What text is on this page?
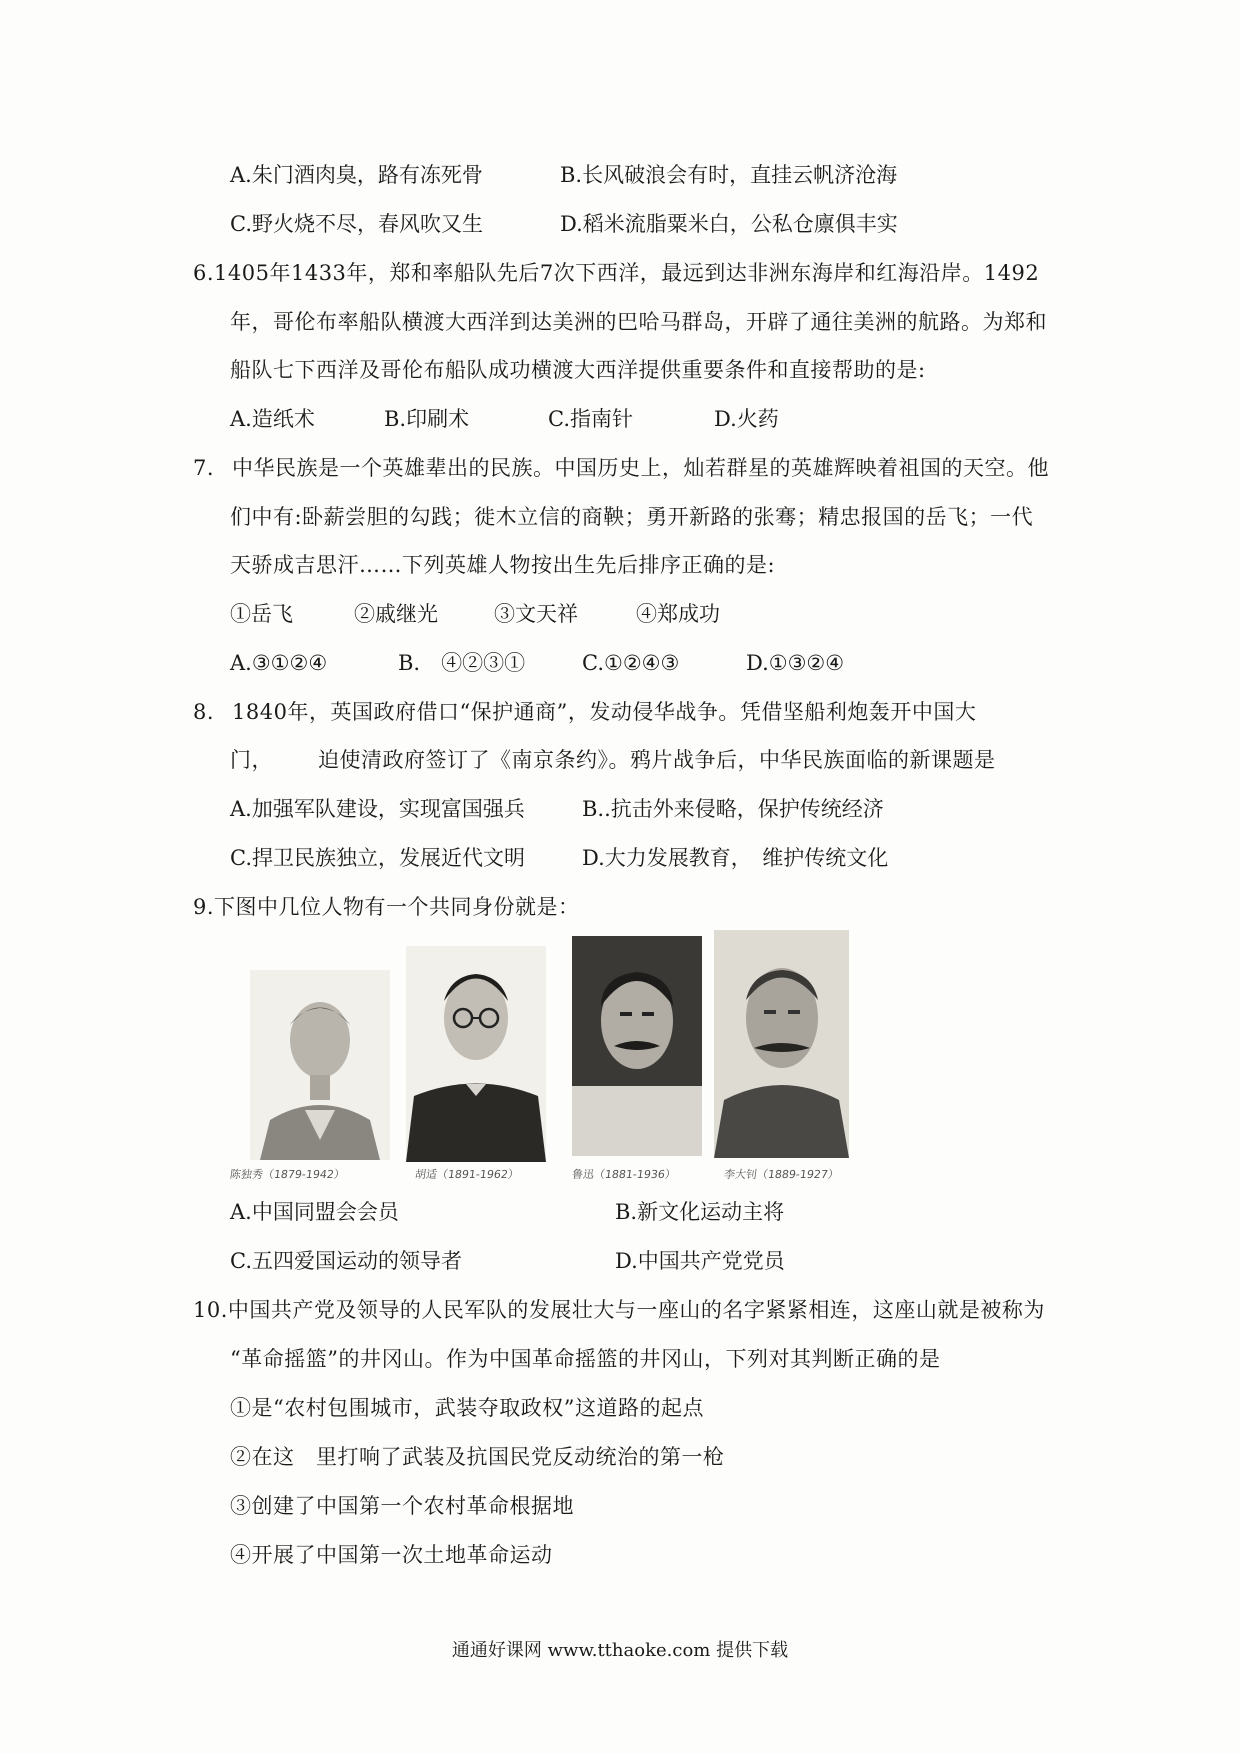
A.朱门酒肉臭，路有冻死骨	B.长风破浪会有时，直挂云帆济沧海
C.野火烧不尽，春风吹又生	D.稻米流脂粟米白，公私仓廪俱丰实
6.1405年1433年，郑和率船队先后7次下西洋，最远到达非洲东海岸和红海沿岸。1492
年，哥伦布率船队横渡大西洋到达美洲的巴哈马群岛，开辟了通往美洲的航路。为郑和
船队七下西洋及哥伦布船队成功横渡大西洋提供重要条件和直接帮助的是:
A.造纸术	B.印刷术	C.指南针	D.火药
7. 中华民族是一个英雄辈出的民族。中国历史上，灿若群星的英雄辉映着祖国的天空。他
们中有:卧薪尝胆的勾践；徙木立信的商鞅；勇开新路的张骞；精忠报国的岳飞；一代
天骄成吉思汗……下列英雄人物按出生先后排序正确的是:
①岳飞	②戚继光	③文天祥	④郑成功
A.③①②④	B.　④②③①	C.①②④③	D.①③②④
8. 1840年，英国政府借口“保护通商”，发动侵华战争。凭借坚船利炮轰开中国大
门， 迫使清政府签订了《南京条约》。鸦片战争后，中华民族面临的新课题是
A.加强军队建设，实现富国强兵	B..抗击外来侵略，保护传统经济
C.捍卫民族独立，发展近代文明	D.大力发展教育，　维护传统文化
9.下图中几位人物有一个共同身份就是：
陈独秀（1879-1942）	胡适（1891-1962）	鲁迅（1881-1936）	李大钊（1889-1927）
A.中国同盟会会员	B.新文化运动主将
C.五四爱国运动的领导者	D.中国共产党党员
10.中国共产党及领导的人民军队的发展壮大与一座山的名字紧紧相连，这座山就是被称为
“革命摇篮”的井冈山。作为中国革命摇篮的井冈山，下列对其判断正确的是
①是“农村包围城市，武装夺取政权”这道路的起点
②在这　里打响了武装及抗国民党反动统治的第一枪
③创建了中国第一个农村革命根据地
④开展了中国第一次土地革命运动
通通好课网 www.tthaoke.com 提供下载
